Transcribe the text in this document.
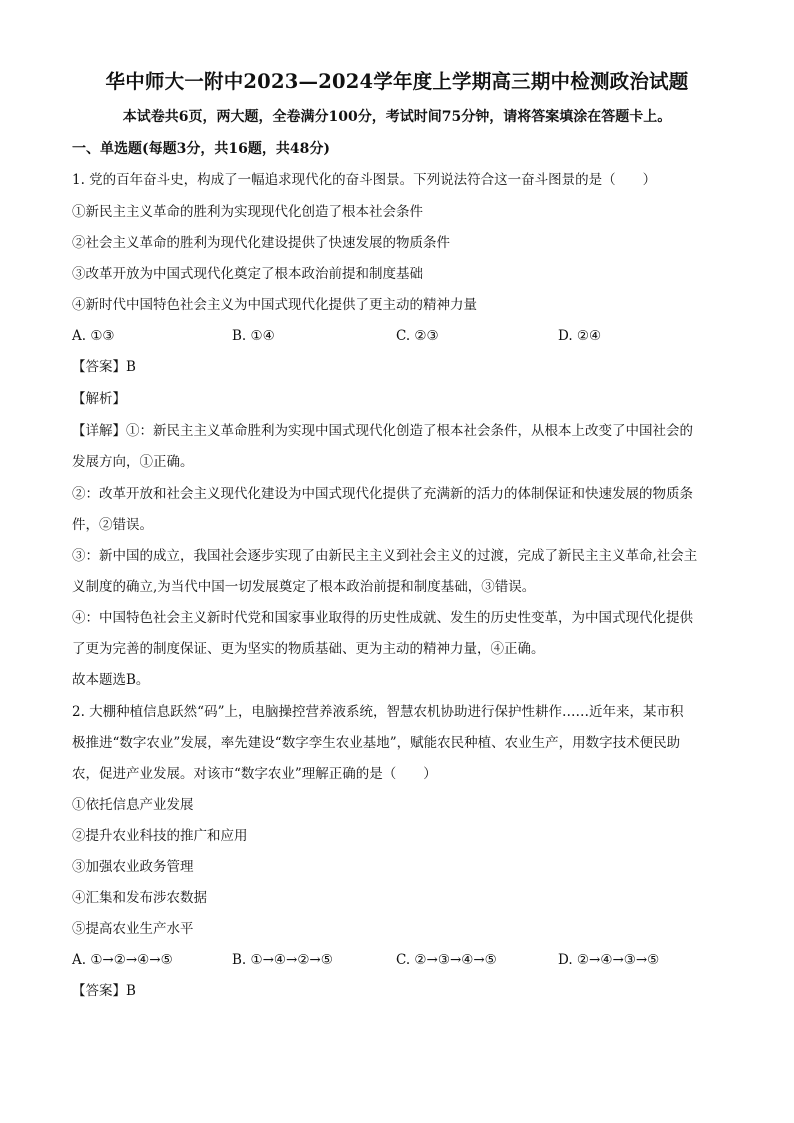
华中师大一附中2023—2024学年度上学期高三期中检测政治试题
本试卷共6页，两大题，全卷满分100分，考试时间75分钟，请将答案填涂在答题卡上。
一、单选题(每题3分，共16题，共48分)
1. 党的百年奋斗史，构成了一幅追求现代化的奋斗图景。下列说法符合这一奋斗图景的是（　　）
①新民主主义革命的胜利为实现现代化创造了根本社会条件
②社会主义革命的胜利为现代化建设提供了快速发展的物质条件
③改革开放为中国式现代化奠定了根本政治前提和制度基础
④新时代中国特色社会主义为中国式现代化提供了更主动的精神力量
A. ①③	B. ①④	C. ②③	D. ②④
【答案】B
【解析】
【详解】①：新民主主义革命胜利为实现中国式现代化创造了根本社会条件，从根本上改变了中国社会的
发展方向，①正确。
②：改革开放和社会主义现代化建设为中国式现代化提供了充满新的活力的体制保证和快速发展的物质条
件，②错误。
③：新中国的成立，我国社会逐步实现了由新民主主义到社会主义的过渡，完成了新民主主义革命,社会主
义制度的确立,为当代中国一切发展奠定了根本政治前提和制度基础，③错误。
④：中国特色社会主义新时代党和国家事业取得的历史性成就、发生的历史性变革，为中国式现代化提供
了更为完善的制度保证、更为坚实的物质基础、更为主动的精神力量，④正确。
故本题选B。
2. 大棚种植信息跃然“码”上，电脑操控营养液系统，智慧农机协助进行保护性耕作……近年来，某市积
极推进“数字农业”发展，率先建设“数字孪生农业基地”，赋能农民种植、农业生产，用数字技术便民助
农，促进产业发展。对该市“数字农业”理解正确的是（　　）
①依托信息产业发展
②提升农业科技的推广和应用
③加强农业政务管理
④汇集和发布涉农数据
⑤提高农业生产水平
A. ①→②→④→⑤	B. ①→④→②→⑤	C. ②→③→④→⑤	D. ②→④→③→⑤
【答案】B
